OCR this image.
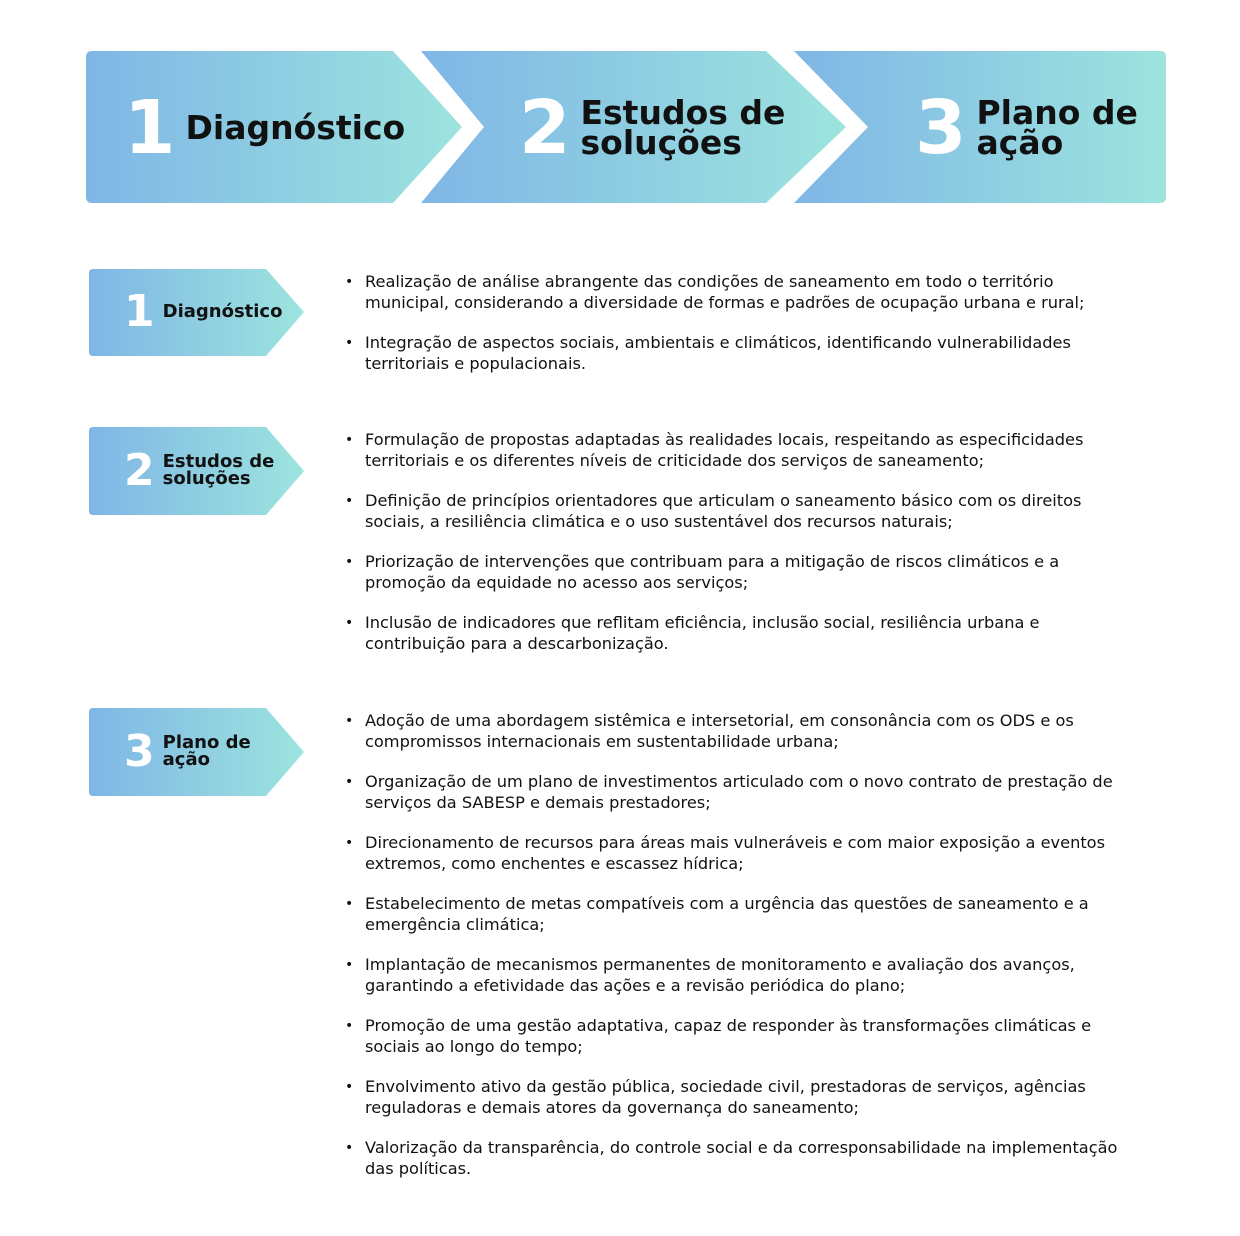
1 Diagnóstico 2 Estudos de
soluções	3 Plano de
ação
1 Diagnóstico
2 Estudos de
soluções
3 Plano de
ação
• Realização de análise abrangente das condições de saneamento em todo o território municipal, considerando a diversidade de formas e padrões de ocupação urbana e rural;
• Integração de aspectos sociais, ambientais e climáticos, identificando vulnerabilidades territoriais e populacionais.
• Formulação de propostas adaptadas às realidades locais, respeitando as especificidades territoriais e os diferentes níveis de criticidade dos serviços de saneamento;
• Definição de princípios orientadores que articulam o saneamento básico com os direitos sociais, a resiliência climática e o uso sustentável dos recursos naturais;
• Priorização de intervenções que contribuam para a mitigação de riscos climáticos e a promoção da equidade no acesso aos serviços;
• Inclusão de indicadores que reflitam eficiência, inclusão social, resiliência urbana e contribuição para a descarbonização.
• Adoção de uma abordagem sistêmica e intersetorial, em consonância com os ODS e os compromissos internacionais em sustentabilidade urbana;
• Organização de um plano de investimentos articulado com o novo contrato de prestação de serviços da SABESP e demais prestadores;
• Direcionamento de recursos para áreas mais vulneráveis e com maior exposição a eventos extremos, como enchentes e escassez hídrica;
• Estabelecimento de metas compatíveis com a urgência das questões de saneamento e a emergência climática;
• Implantação de mecanismos permanentes de monitoramento e avaliação dos avanços, garantindo a efetividade das ações e a revisão periódica do plano;
• Promoção de uma gestão adaptativa, capaz de responder às transformações climáticas e sociais ao longo do tempo;
• Envolvimento ativo da gestão pública, sociedade civil, prestadoras de serviços, agências reguladoras e demais atores da governança do saneamento;
• Valorização da transparência, do controle social e da corresponsabilidade na implementação das políticas.
